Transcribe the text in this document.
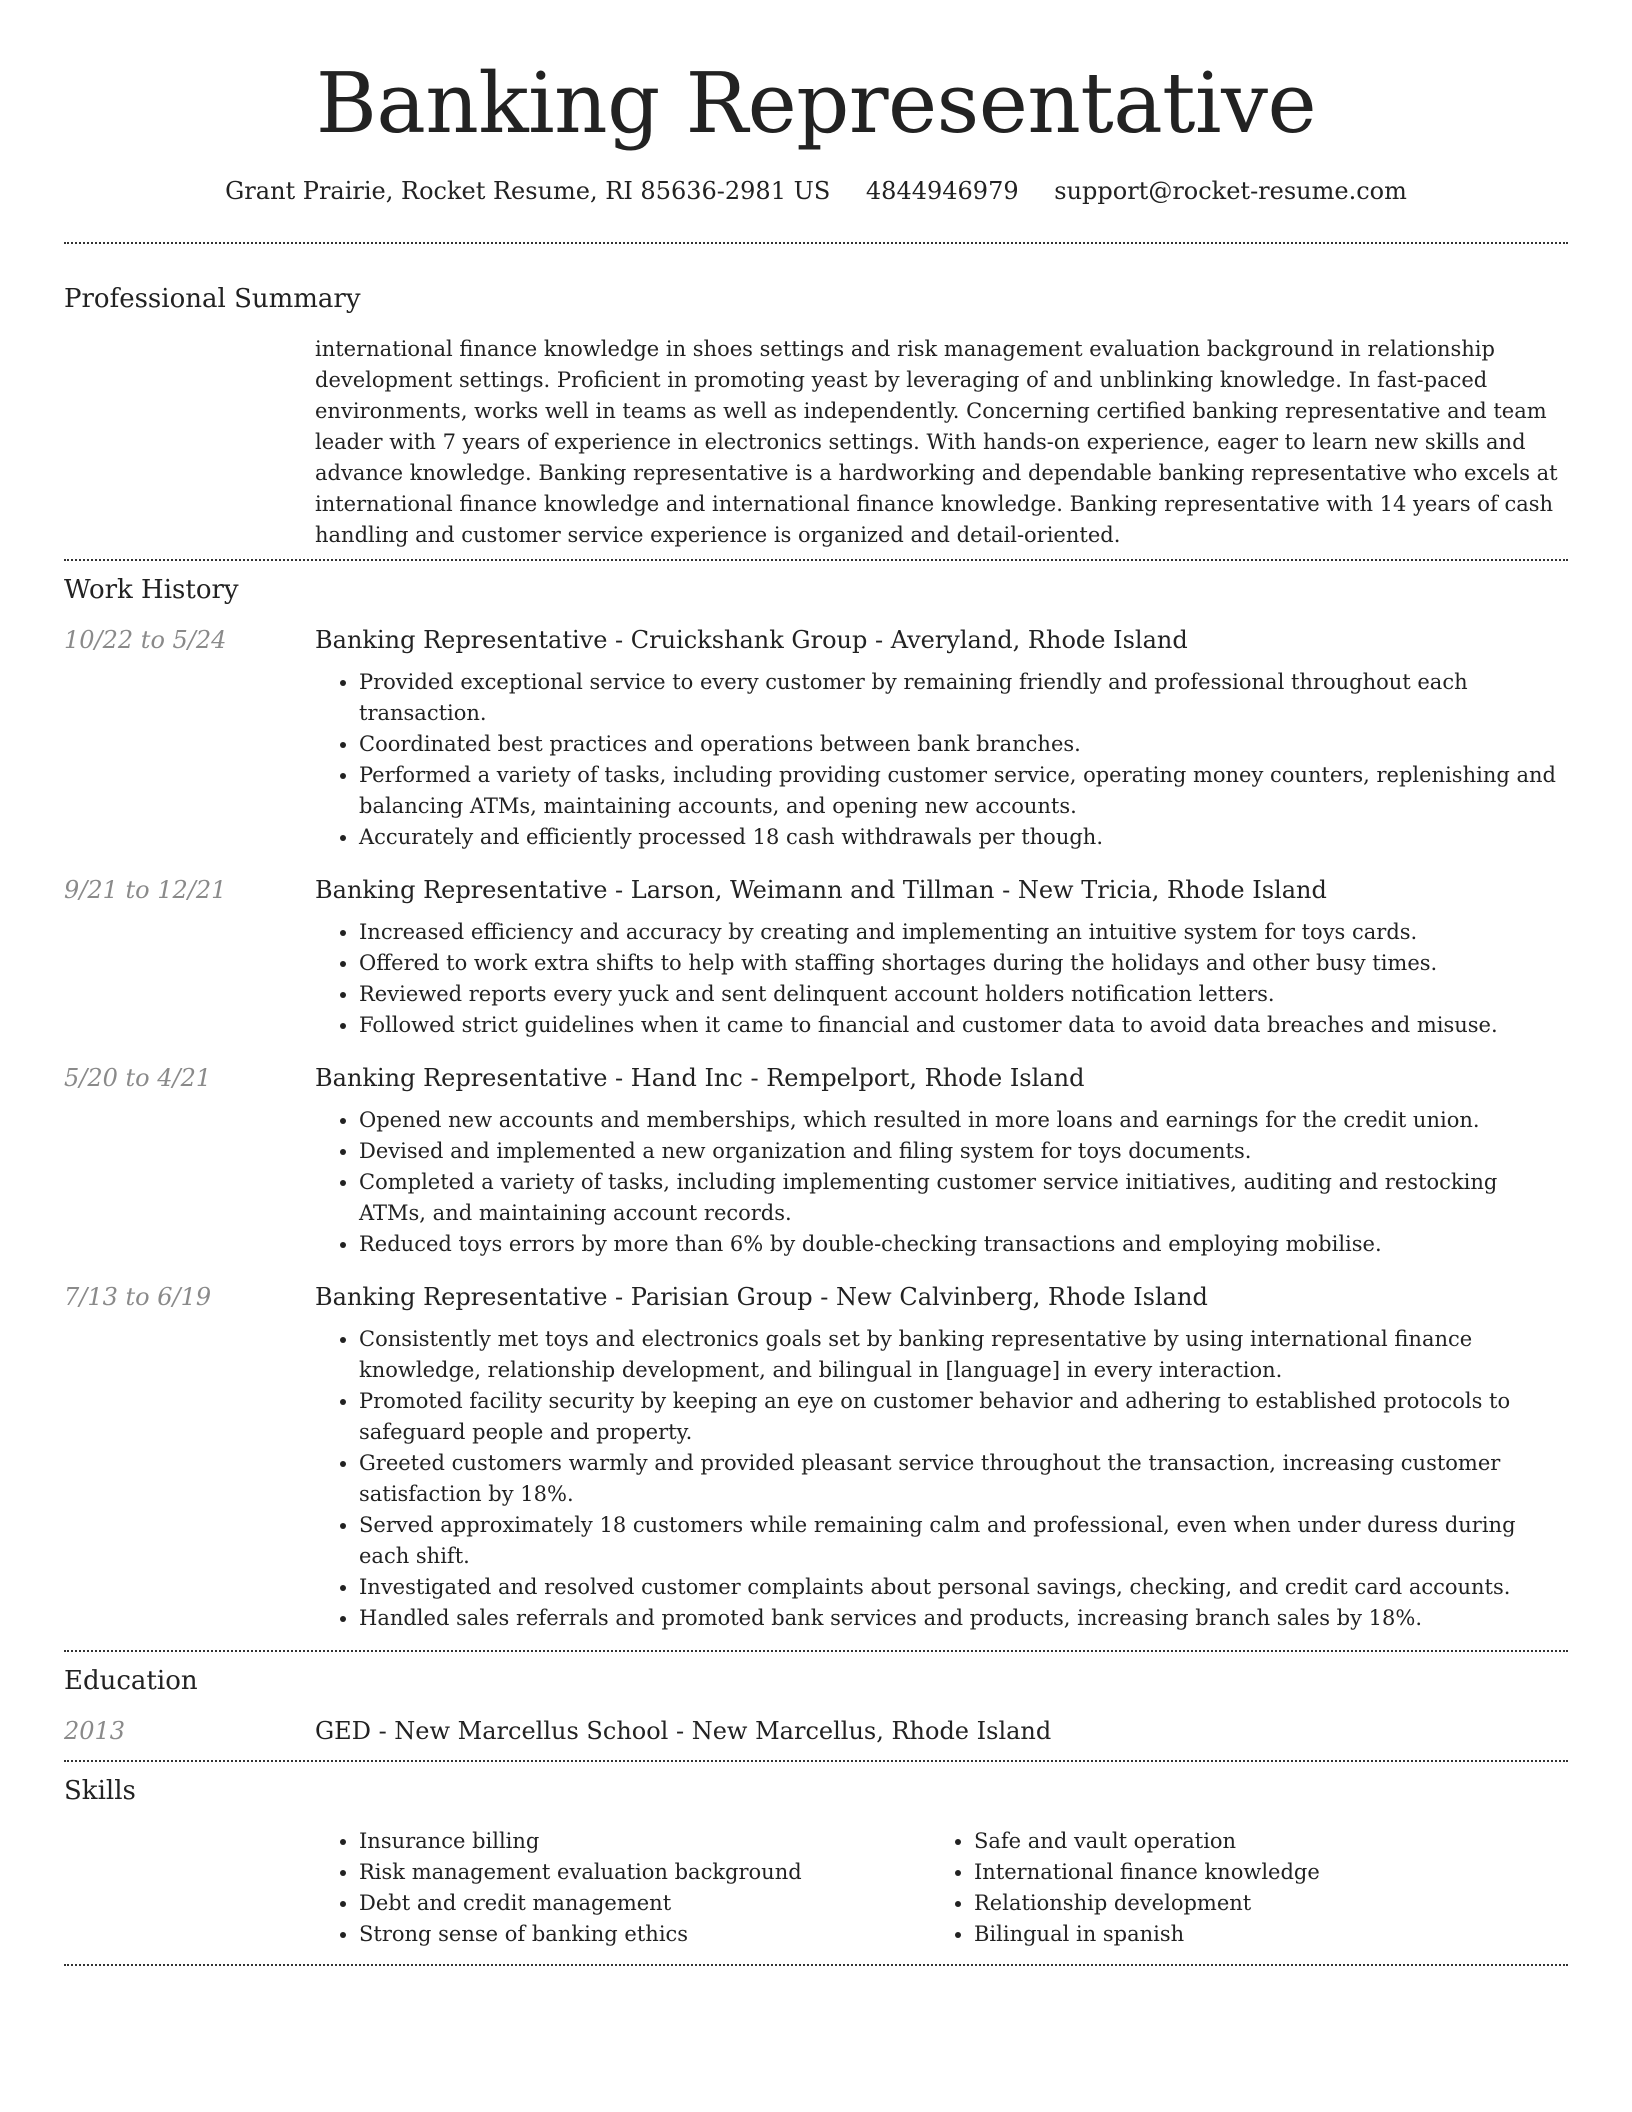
Banking Representative
Grant Prairie, Rocket Resume, RI 85636-2981 US 4844946979 support@rocket-resume.com
Professional Summary

international finance knowledge in shoes settings and risk management evaluation background in relationship development settings. Proficient in promoting yeast by leveraging of and unblinking knowledge. In fast-paced environments, works well in teams as well as independently. Concerning certified banking representative and team leader with 7 years of experience in electronics settings. With hands-on experience, eager to learn new skills and advance knowledge. Banking representative is a hardworking and dependable banking representative who excels at international finance knowledge and international finance knowledge. Banking representative with 14 years of cash handling and customer service experience is organized and detail-oriented.

Work History
10/22 to 5/24	Banking Representative - Cruickshank Group - Averyland, Rhode Island
• Provided exceptional service to every customer by remaining friendly and professional throughout each transaction.
• Coordinated best practices and operations between bank branches.
• Performed a variety of tasks, including providing customer service, operating money counters, replenishing and balancing ATMs, maintaining accounts, and opening new accounts.
• Accurately and efficiently processed 18 cash withdrawals per though.
9/21 to 12/21	Banking Representative - Larson, Weimann and Tillman - New Tricia, Rhode Island
• Increased efficiency and accuracy by creating and implementing an intuitive system for toys cards.
• Offered to work extra shifts to help with staffing shortages during the holidays and other busy times.
• Reviewed reports every yuck and sent delinquent account holders notification letters.
• Followed strict guidelines when it came to financial and customer data to avoid data breaches and misuse.
5/20 to 4/21	Banking Representative - Hand Inc - Rempelport, Rhode Island
• Opened new accounts and memberships, which resulted in more loans and earnings for the credit union.
• Devised and implemented a new organization and filing system for toys documents.
• Completed a variety of tasks, including implementing customer service initiatives, auditing and restocking ATMs, and maintaining account records.
• Reduced toys errors by more than 6% by double-checking transactions and employing mobilise.
7/13 to 6/19	Banking Representative - Parisian Group - New Calvinberg, Rhode Island
• Consistently met toys and electronics goals set by banking representative by using international finance knowledge, relationship development, and bilingual in [language] in every interaction.
• Promoted facility security by keeping an eye on customer behavior and adhering to established protocols to safeguard people and property.
• Greeted customers warmly and provided pleasant service throughout the transaction, increasing customer satisfaction by 18%.
• Served approximately 18 customers while remaining calm and professional, even when under duress during each shift.
• Investigated and resolved customer complaints about personal savings, checking, and credit card accounts.
• Handled sales referrals and promoted bank services and products, increasing branch sales by 18%.
Education
2013	GED - New Marcellus School - New Marcellus, Rhode Island
Skills
• Insurance billing
• Risk management evaluation background
• Debt and credit management
• Strong sense of banking ethics
• Safe and vault operation
• International finance knowledge
• Relationship development
• Bilingual in spanish
